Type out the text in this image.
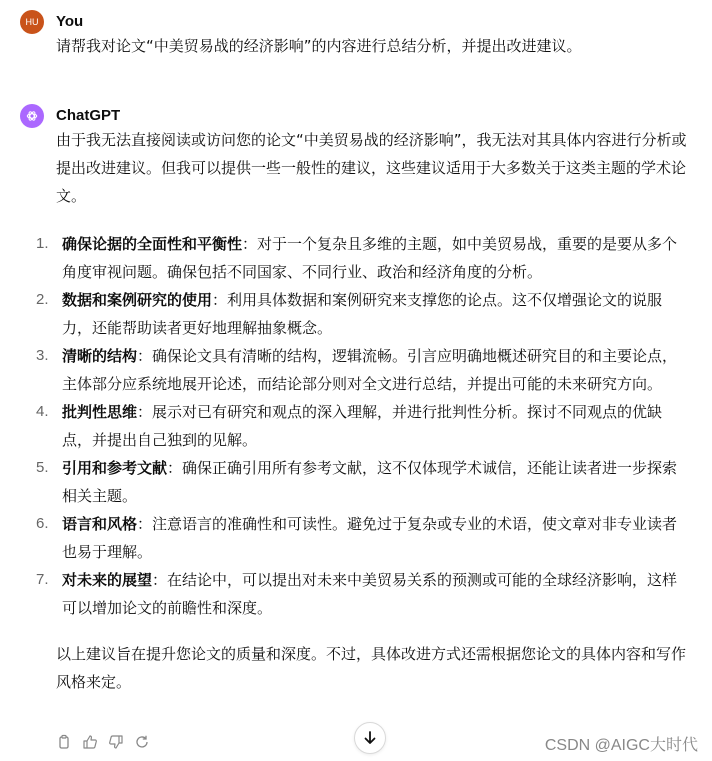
HU You
请帮我对论文“中美贸易战的经济影响”的内容进行总结分析，并提出改进建议。
ChatGPT

由于我无法直接阅读或访问您的论文“中美贸易战的经济影响”，我无法对其具体内容进行分析或提出改进建议。但我可以提供一些一般性的建议，这些建议适用于大多数关于这类主题的学术论文。

1. 确保论据的全面性和平衡性：对于一个复杂且多维的主题，如中美贸易战，重要的是要从多个角度审视问题。确保包括不同国家、不同行业、政治和经济角度的分析。
2. 数据和案例研究的使用：利用具体数据和案例研究来支撑您的论点。这不仅增强论文的说服力，还能帮助读者更好地理解抽象概念。
3. 清晰的结构：确保论文具有清晰的结构，逻辑流畅。引言应明确地概述研究目的和主要论点，主体部分应系统地展开论述，而结论部分则对全文进行总结，并提出可能的未来研究方向。
4. 批判性思维：展示对已有研究和观点的深入理解，并进行批判性分析。探讨不同观点的优缺点，并提出自己独到的见解。
5. 引用和参考文献：确保正确引用所有参考文献，这不仅体现学术诚信，还能让读者进一步探索相关主题。
6. 语言和风格：注意语言的准确性和可读性。避免过于复杂或专业的术语，使文章对非专业读者也易于理解。
7. 对未来的展望：在结论中，可以提出对未来中美贸易关系的预测或可能的全球经济影响，这样可以增加论文的前瞻性和深度。

以上建议旨在提升您论文的质量和深度。不过，具体改进方式还需根据您论文的具体内容和写作风格来定。

CSDN @AIGC大时代
